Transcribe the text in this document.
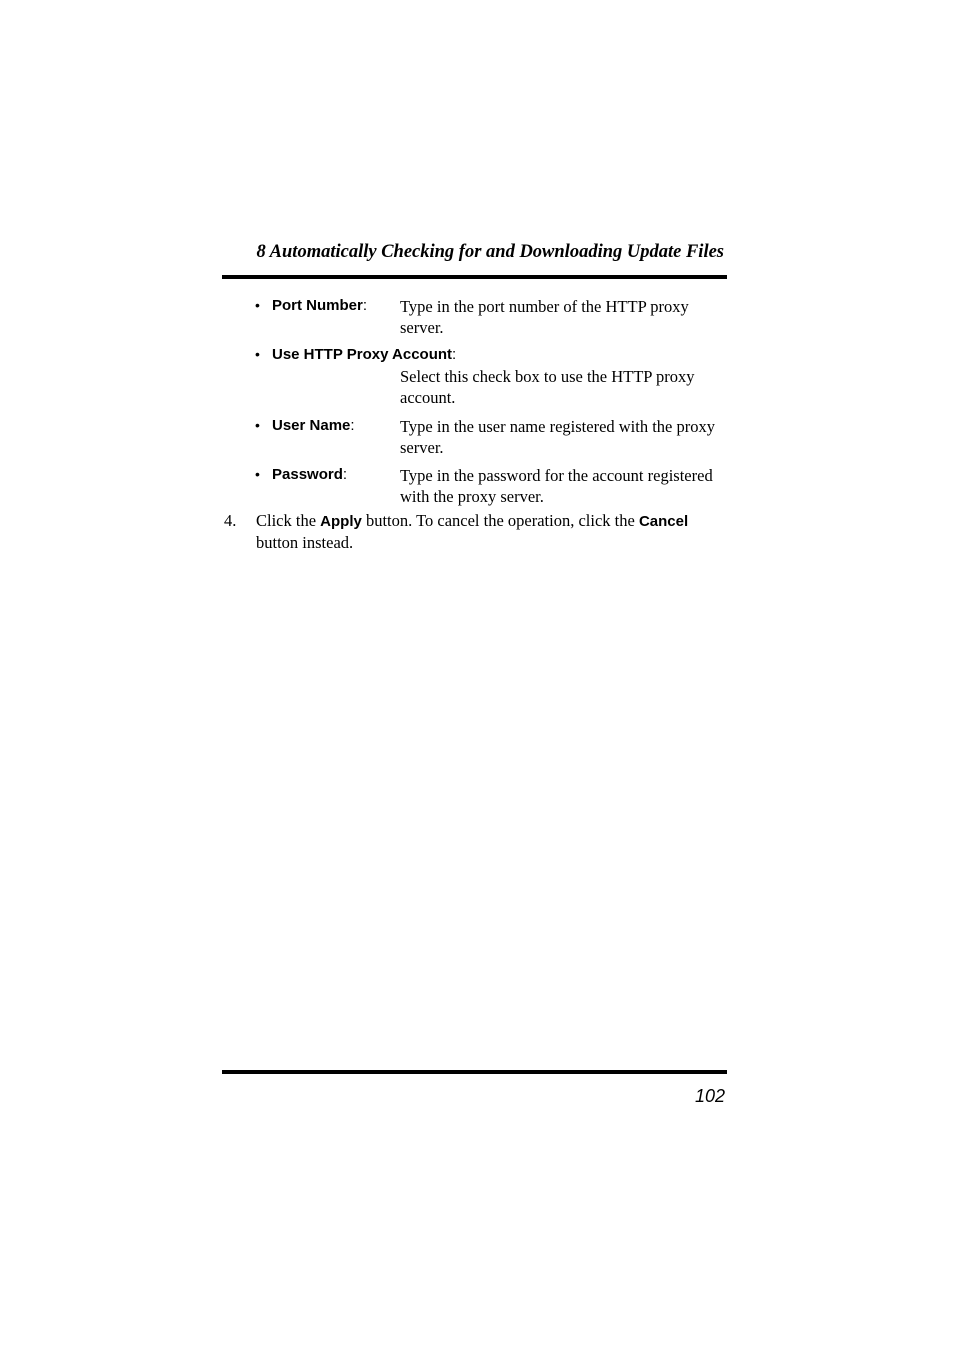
8 Automatically Checking for and Downloading Update Files
• Port Number: Type in the port number of the HTTP proxy server.
• Use HTTP Proxy Account:
Select this check box to use the HTTP proxy account.
• User Name:	Type in the user name registered with the proxy server.
• Password:	Type in the password for the account registered with the proxy server.
4. Click the Apply button. To cancel the operation, click the Cancel
button instead.
102
